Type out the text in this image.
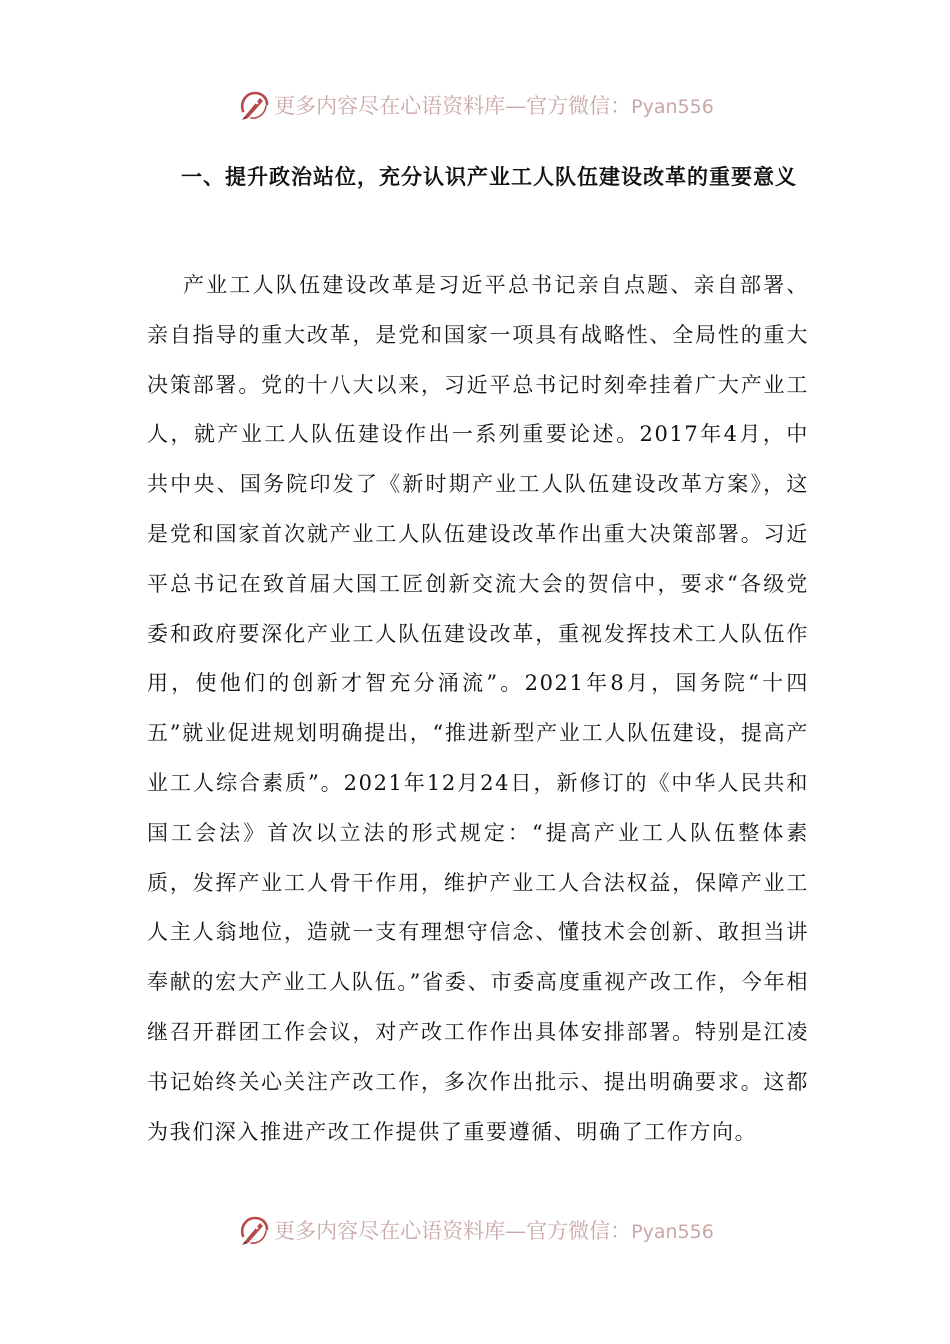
更多内容尽在心语资料库—官方微信：Pyan556
一、提升政治站位，充分认识产业工人队伍建设改革的重要意义

产业工人队伍建设改革是习近平总书记亲自点题、亲自部署、亲自指导的重大改革，是党和国家一项具有战略性、全局性的重大决策部署。党的十八大以来，习近平总书记时刻牵挂着广大产业工人，就产业工人队伍建设作出一系列重要论述。2017年4月，中共中央、国务院印发了《新时期产业工人队伍建设改革方案》，这是党和国家首次就产业工人队伍建设改革作出重大决策部署。习近平总书记在致首届大国工匠创新交流大会的贺信中，要求“各级党委和政府要深化产业工人队伍建设改革，重视发挥技术工人队伍作用，使他们的创新才智充分涌流”。2021年8月，国务院“十四五”就业促进规划明确提出，“推进新型产业工人队伍建设，提高产业工人综合素质”。2021年12月24日，新修订的《中华人民共和国工会法》首次以立法的形式规定：“提高产业工人队伍整体素质，发挥产业工人骨干作用，维护产业工人合法权益，保障产业工人主人翁地位，造就一支有理想守信念、懂技术会创新、敢担当讲奉献的宏大产业工人队伍。”省委、市委高度重视产改工作，今年相继召开群团工作会议，对产改工作作出具体安排部署。特别是江凌书记始终关心关注产改工作，多次作出批示、提出明确要求。这都为我们深入推进产改工作提供了重要遵循、明确了工作方向。

更多内容尽在心语资料库—官方微信：Pyan556
